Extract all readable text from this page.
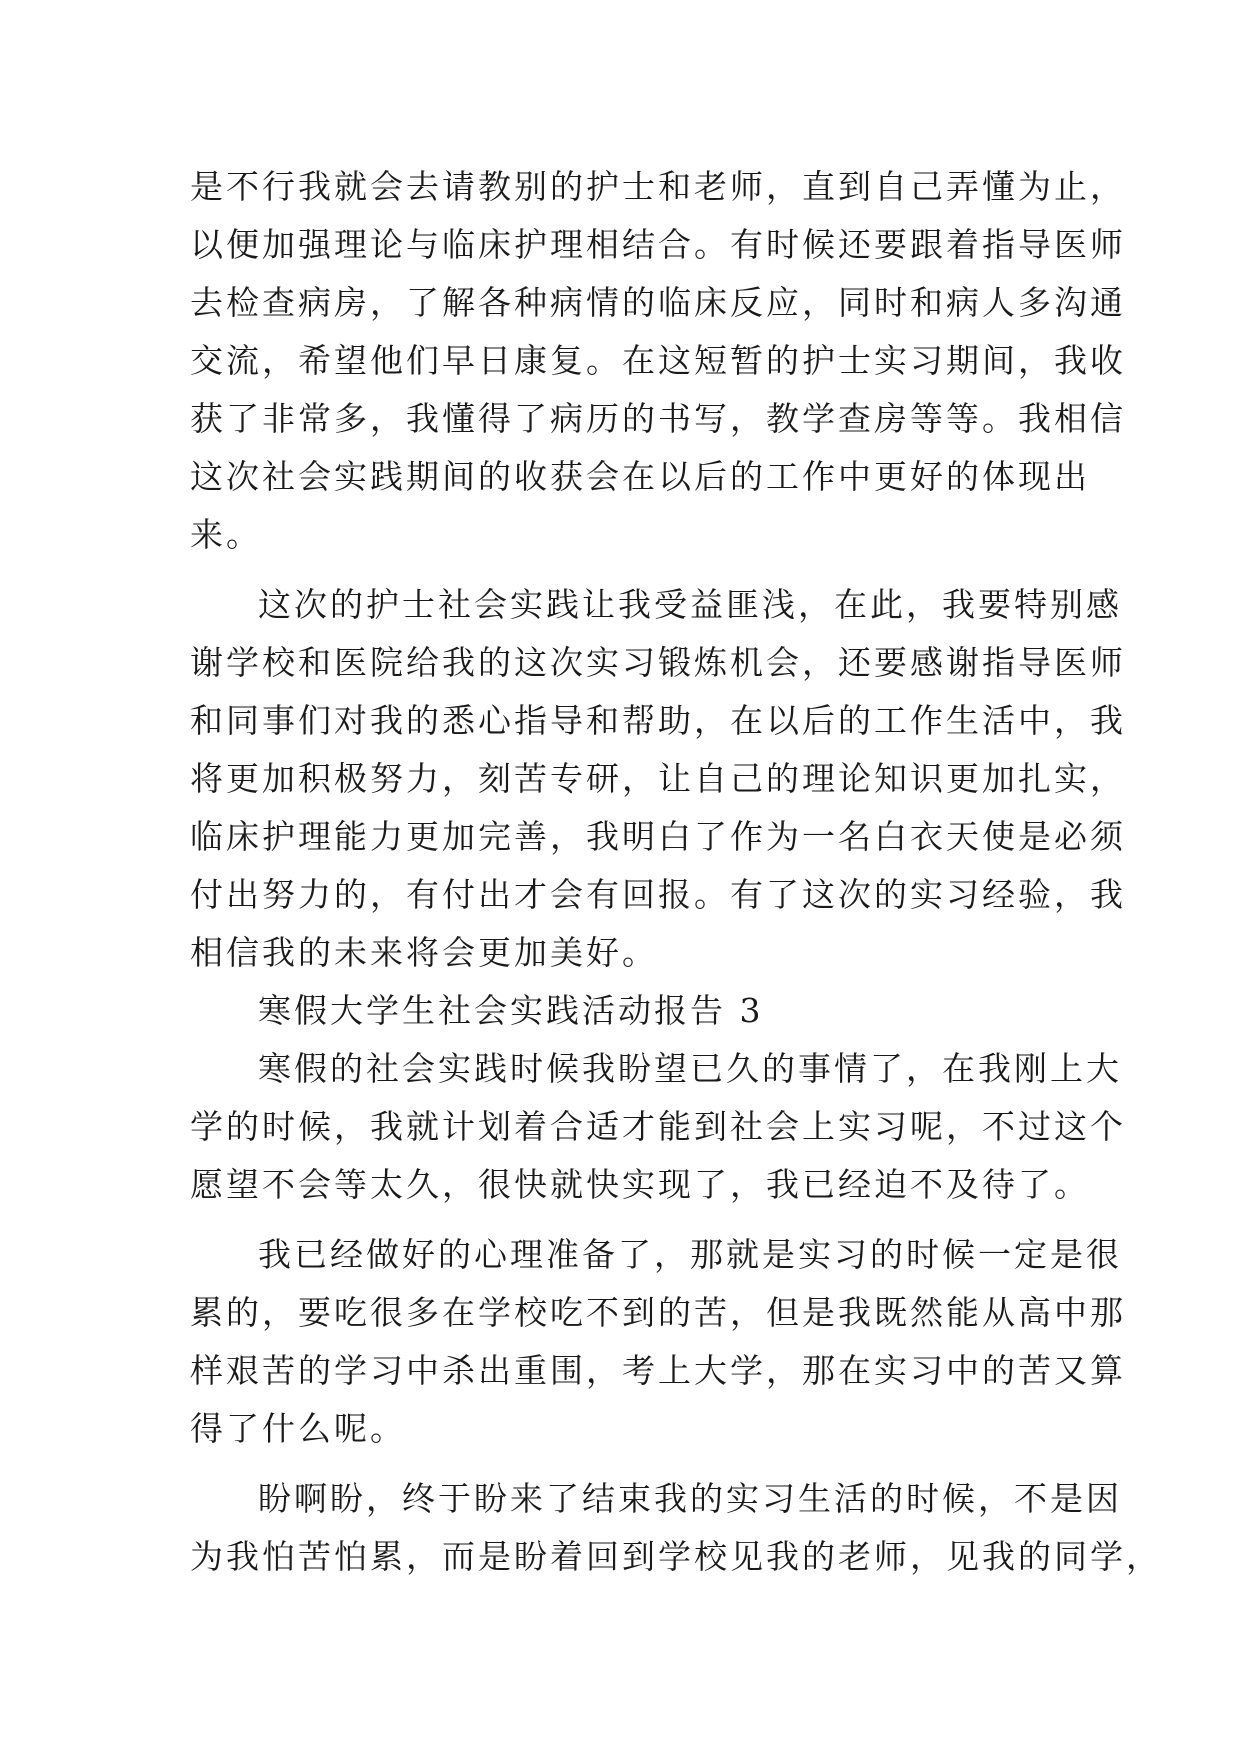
是不行我就会去请教别的护士和老师，直到自己弄懂为止，
以便加强理论与临床护理相结合。有时候还要跟着指导医师
去检查病房，了解各种病情的临床反应，同时和病人多沟通
交流，希望他们早日康复。在这短暂的护士实习期间，我收
获了非常多，我懂得了病历的书写，教学查房等等。我相信
这次社会实践期间的收获会在以后的工作中更好的体现出
来。
这次的护士社会实践让我受益匪浅，在此，我要特别感
谢学校和医院给我的这次实习锻炼机会，还要感谢指导医师
和同事们对我的悉心指导和帮助，在以后的工作生活中，我
将更加积极努力，刻苦专研，让自己的理论知识更加扎实，
临床护理能力更加完善，我明白了作为一名白衣天使是必须
付出努力的，有付出才会有回报。有了这次的实习经验，我
相信我的未来将会更加美好。
寒假大学生社会实践活动报告 3
寒假的社会实践时候我盼望已久的事情了，在我刚上大
学的时候，我就计划着合适才能到社会上实习呢，不过这个
愿望不会等太久，很快就快实现了，我已经迫不及待了。
我已经做好的心理准备了，那就是实习的时候一定是很
累的，要吃很多在学校吃不到的苦，但是我既然能从高中那
样艰苦的学习中杀出重围，考上大学，那在实习中的苦又算
得了什么呢。
盼啊盼，终于盼来了结束我的实习生活的时候，不是因
为我怕苦怕累，而是盼着回到学校见我的老师，见我的同学，
